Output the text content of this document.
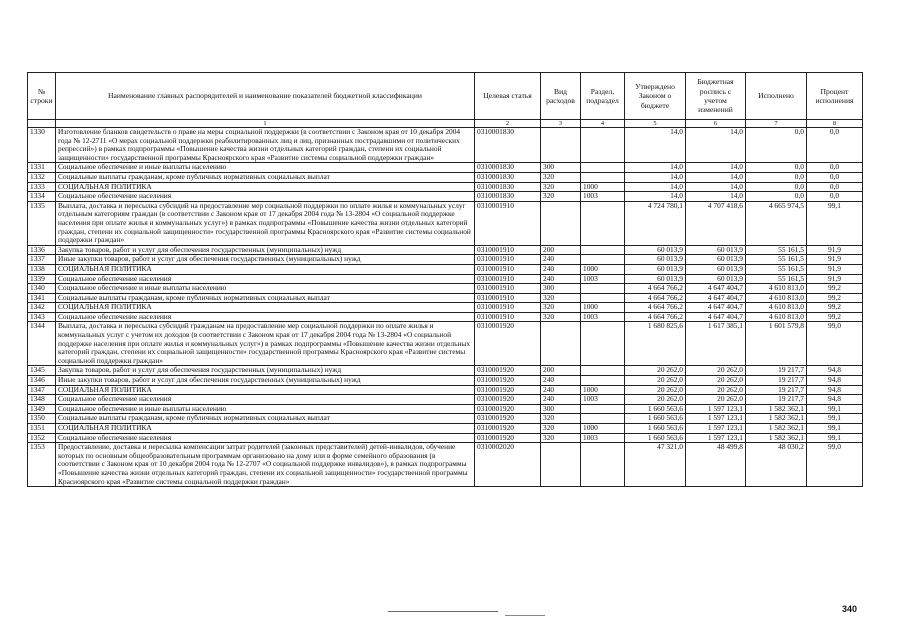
№ строки	Наименование главных распорядителей и наименование показателей бюджетной классификации	Целевая статья	Вид расходов	Раздел, подраздел	Утверждено Законом о бюджете	Бюджетная роспись с учетом изменений	Исполнено	Процент исполнения
	1	2	3	4	5	6	7	8
1330	Изготовление бланков свидетельств о праве на меры социальной поддержки (в соответствии с Законом края от 10 декабря 2004 года № 12-2711 «О мерах социальной поддержки реабилитированных лиц и лиц, признанных пострадавшими от политических репрессий») в рамках подпрограммы «Повышение качества жизни отдельных категорий граждан, степени их социальной защищенности» государственной программы Красноярского края «Развитие системы социальной поддержки граждан»	0310001830			14,0	14,0	0,0	0,0
1331	Социальное обеспечение и иные выплаты населению	0310001830	300		14,0	14,0	0,0	0,0
1332	Социальные выплаты гражданам, кроме публичных нормативных социальных выплат	0310001830	320		14,0	14,0	0,0	0,0
1333	СОЦИАЛЬНАЯ ПОЛИТИКА	0310001830	320	1000	14,0	14,0	0,0	0,0
1334	Социальное обеспечение населения	0310001830	320	1003	14,0	14,0	0,0	0,0
1335	Выплата, доставка и пересылка субсидий на предоставление мер социальной поддержки по оплате жилья и коммунальных услуг отдельным категориям граждан (в соответствии с Законом края от 17 декабря 2004 года № 13-2804 «О социальной поддержке населения при оплате жилья и коммунальных услуг») в рамках подпрограммы «Повышение качества жизни отдельных категорий граждан, степени их социальной защищенности» государственной программы Красноярского края «Развитие системы социальной поддержки граждан»	0310001910			4 724 780,1	4 707 418,6	4 665 974,5	99,1
1336	Закупка товаров, работ и услуг для обеспечения государственных (муниципальных) нужд	0310001910	200		60 013,9	60 013,9	55 161,5	91,9
1337	Иные закупки товаров, работ и услуг для обеспечения государственных (муниципальных) нужд	0310001910	240		60 013,9	60 013,9	55 161,5	91,9
1338	СОЦИАЛЬНАЯ ПОЛИТИКА	0310001910	240	1000	60 013,9	60 013,9	55 161,5	91,9
1339	Социальное обеспечение населения	0310001910	240	1003	60 013,9	60 013,9	55 161,5	91,9
1340	Социальное обеспечение и иные выплаты населению	0310001910	300		4 664 766,2	4 647 404,7	4 610 813,0	99,2
1341	Социальные выплаты гражданам, кроме публичных нормативных социальных выплат	0310001910	320		4 664 766,2	4 647 404,7	4 610 813,0	99,2
1342	СОЦИАЛЬНАЯ ПОЛИТИКА	0310001910	320	1000	4 664 766,2	4 647 404,7	4 610 813,0	99,2
1343	Социальное обеспечение населения	0310001910	320	1003	4 664 766,2	4 647 404,7	4 610 813,0	99,2
1344	Выплата, доставка и пересылка субсидий гражданам на предоставление мер социальной поддержки по оплате жилья и коммунальных услуг с учетом их доходов (в соответствии с Законом края от 17 декабря 2004 года № 13-2804 «О социальной поддержке населения при оплате жилья и коммунальных услуг») в рамках подпрограммы «Повышение качества жизни отдельных категорий граждан, степени их социальной защищенности» государственной программы Красноярского края «Развитие системы социальной поддержки граждан»	0310001920			1 680 825,6	1 617 385,1	1 601 579,8	99,0
1345	Закупка товаров, работ и услуг для обеспечения государственных (муниципальных) нужд	0310001920	200		20 262,0	20 262,0	19 217,7	94,8
1346	Иные закупки товаров, работ и услуг для обеспечения государственных (муниципальных) нужд	0310001920	240		20 262,0	20 262,0	19 217,7	94,8
1347	СОЦИАЛЬНАЯ ПОЛИТИКА	0310001920	240	1000	20 262,0	20 262,0	19 217,7	94,8
1348	Социальное обеспечение населения	0310001920	240	1003	20 262,0	20 262,0	19 217,7	94,8
1349	Социальное обеспечение и иные выплаты населению	0310001920	300		1 660 563,6	1 597 123,1	1 582 362,1	99,1
1350	Социальные выплаты гражданам, кроме публичных нормативных социальных выплат	0310001920	320		1 660 563,6	1 597 123,1	1 582 362,1	99,1
1351	СОЦИАЛЬНАЯ ПОЛИТИКА	0310001920	320	1000	1 660 563,6	1 597 123,1	1 582 362,1	99,1
1352	Социальное обеспечение населения	0310001920	320	1003	1 660 563,6	1 597 123,1	1 582 362,1	99,1
1353	Предоставление, доставка и пересылка компенсации затрат родителей (законных представителей) детей-инвалидов, обучение которых по основным общеобразовательным программам организовано на дому или в форме семейного образования (в соответствии с Законом края от 10 декабря 2004 года № 12-2707 «О социальной поддержке инвалидов»), в рамках подпрограммы «Повышение качества жизни отдельных категорий граждан, степени их социальной защищенности» государственной программы Красноярского края «Развитие системы социальной поддержки граждан»	0310002020			47 321,0	48 499,8	48 030,2	99,0
340
